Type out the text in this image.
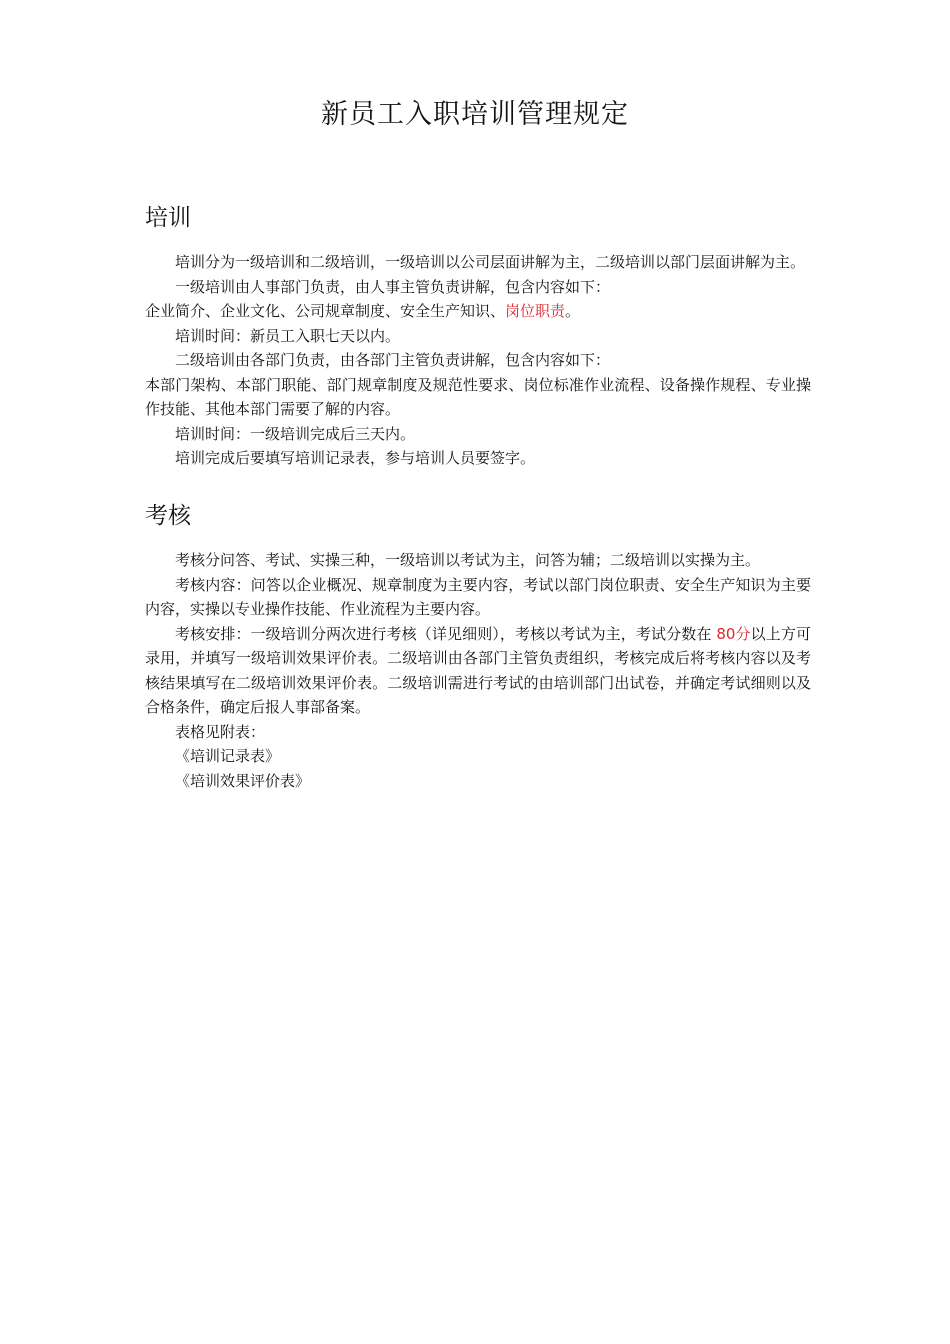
新员工入职培训管理规定
培训

培训分为一级培训和二级培训，一级培训以公司层面讲解为主，二级培训以部门层面讲解为主。

一级培训由人事部门负责，由人事主管负责讲解，包含内容如下：

企业简介、企业文化、公司规章制度、安全生产知识、岗位职责。

培训时间：新员工入职七天以内。

二级培训由各部门负责，由各部门主管负责讲解，包含内容如下：

本部门架构、本部门职能、部门规章制度及规范性要求、岗位标准作业流程、设备操作规程、专业操作技能、其他本部门需要了解的内容。

培训时间：一级培训完成后三天内。

培训完成后要填写培训记录表，参与培训人员要签字。

考核

考核分问答、考试、实操三种，一级培训以考试为主，问答为辅；二级培训以实操为主。

考核内容：问答以企业概况、规章制度为主要内容，考试以部门岗位职责、安全生产知识为主要内容，实操以专业操作技能、作业流程为主要内容。

考核安排：一级培训分两次进行考核（详见细则），考核以考试为主，考试分数在 80分以上方可录用，并填写一级培训效果评价表。二级培训由各部门主管负责组织，考核完成后将考核内容以及考核结果填写在二级培训效果评价表。二级培训需进行考试的由培训部门出试卷，并确定考试细则以及合格条件，确定后报人事部备案。

表格见附表：

《培训记录表》

《培训效果评价表》
